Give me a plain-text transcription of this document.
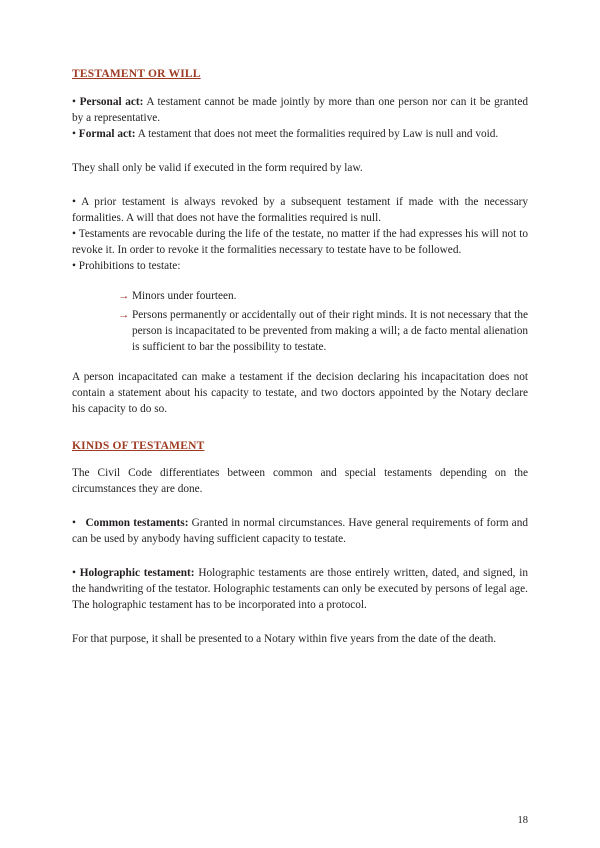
TESTAMENT OR WILL
• Personal act: A testament cannot be made jointly by more than one person nor can it be granted by a representative.
• Formal act: A testament that does not meet the formalities required by Law is null and void.

They shall only be valid if executed in the form required by law.

• A prior testament is always revoked by a subsequent testament if made with the necessary formalities. A will that does not have the formalities required is null.
• Testaments are revocable during the life of the testate, no matter if the had expresses his will not to revoke it. In order to revoke it the formalities necessary to testate have to be followed.
• Prohibitions to testate:
→ Minors under fourteen.
→ Persons permanently or accidentally out of their right minds. It is not necessary that the person is incapacitated to be prevented from making a will; a de facto mental alienation is sufficient to bar the possibility to testate.

A person incapacitated can make a testament if the decision declaring his incapacitation does not contain a statement about his capacity to testate, and two doctors appointed by the Notary declare his capacity to do so.

KINDS OF TESTAMENT

The Civil Code differentiates between common and special testaments depending on the circumstances they are done.

• Common testaments: Granted in normal circumstances. Have general requirements of form and can be used by anybody having sufficient capacity to testate.
• Holographic testament: Holographic testaments are those entirely written, dated, and signed, in the handwriting of the testator. Holographic testaments can only be executed by persons of legal age. The holographic testament has to be incorporated into a protocol.

For that purpose, it shall be presented to a Notary within five years from the date of the death.

18
